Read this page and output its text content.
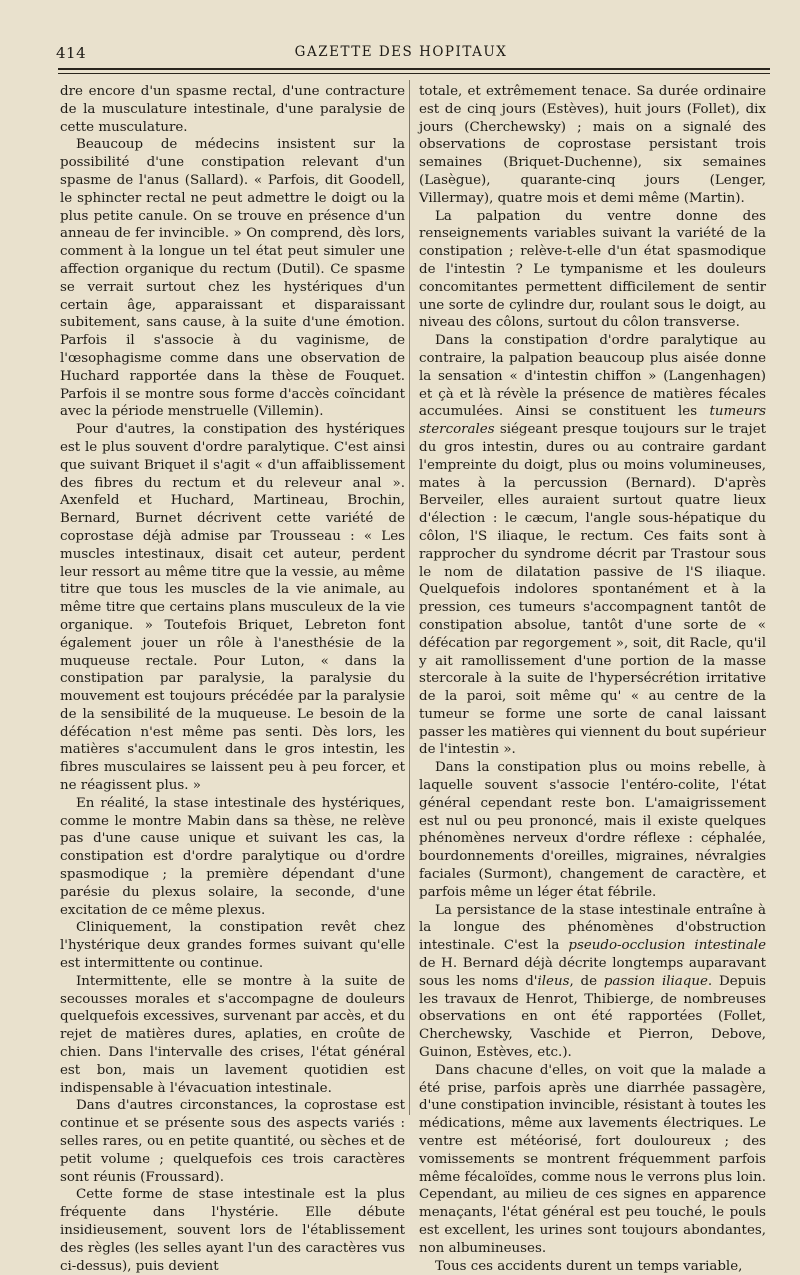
414	GAZETTE DES HOPITAUX

dre encore d'un spasme rectal, d'une contracture de la musculature intestinale, d'une paralysie de cette musculature.

Beaucoup de médecins insistent sur la possibilité d'une constipation relevant d'un spasme de l'anus (Sallard). « Parfois, dit Goodell, le sphincter rectal ne peut admettre le doigt ou la plus petite canule. On se trouve en présence d'un anneau de fer invincible. » On comprend, dès lors, comment à la longue un tel état peut simuler une affection organique du rectum (Dutil). Ce spasme se verrait surtout chez les hystériques d'un certain âge, apparaissant et disparaissant subitement, sans cause, à la suite d'une émotion. Parfois il s'associe à du vaginisme, de l'œsophagisme comme dans une observation de Huchard rapportée dans la thèse de Fouquet. Parfois il se montre sous forme d'accès coïncidant avec la période menstruelle (Villemin).

Pour d'autres, la constipation des hystériques est le plus souvent d'ordre paralytique. C'est ainsi que suivant Briquet il s'agit « d'un affaiblissement des fibres du rectum et du releveur anal ». Axenfeld et Huchard, Martineau, Brochin, Bernard, Burnet décrivent cette variété de coprostase déjà admise par Trousseau : « Les muscles intestinaux, disait cet auteur, perdent leur ressort au même titre que la vessie, au même titre que tous les muscles de la vie animale, au même titre que certains plans musculeux de la vie organique. » Toutefois Briquet, Lebreton font également jouer un rôle à l'anesthésie de la muqueuse rectale. Pour Luton, « dans la constipation par paralysie, la paralysie du mouvement est toujours précédée par la paralysie de la sensibilité de la muqueuse. Le besoin de la défécation n'est même pas senti. Dès lors, les matières s'accumulent dans le gros intestin, les fibres musculaires se laissent peu à peu forcer, et ne réagissent plus. »

En réalité, la stase intestinale des hystériques, comme le montre Mabin dans sa thèse, ne relève pas d'une cause unique et suivant les cas, la constipation est d'ordre paralytique ou d'ordre spasmodique ; la première dépendant d'une parésie du plexus solaire, la seconde, d'une excitation de ce même plexus.

Cliniquement, la constipation revêt chez l'hystérique deux grandes formes suivant qu'elle est intermittente ou continue.

Intermittente, elle se montre à la suite de secousses morales et s'accompagne de douleurs quelquefois excessives, survenant par accès, et du rejet de matières dures, aplaties, en croûte de chien. Dans l'intervalle des crises, l'état général est bon, mais un lavement quotidien est indispensable à l'évacuation intestinale.

Dans d'autres circonstances, la coprostase est continue et se présente sous des aspects variés : selles rares, ou en petite quantité, ou sèches et de petit volume ; quelquefois ces trois caractères sont réunis (Froussard).

Cette forme de stase intestinale est la plus fréquente dans l'hystérie. Elle débute insidieusement, souvent lors de l'établissement des règles (les selles ayant l'un des caractères vus ci-dessus), puis devient

totale, et extrêmement tenace. Sa durée ordinaire est de cinq jours (Estèves), huit jours (Follet), dix jours (Cherchewsky) ; mais on a signalé des observations de coprostase persistant trois semaines (Briquet-Duchenne), six semaines (Lasègue), quarante-cinq jours (Lenger, Villermay), quatre mois et demi même (Martin).

La palpation du ventre donne des renseignements variables suivant la variété de la constipation ; relève-t-elle d'un état spasmodique de l'intestin ? Le tympanisme et les douleurs concomitantes permettent difficilement de sentir une sorte de cylindre dur, roulant sous le doigt, au niveau des côlons, surtout du côlon transverse.

Dans la constipation d'ordre paralytique au contraire, la palpation beaucoup plus aisée donne la sensation « d'intestin chiffon » (Langenhagen) et çà et là révèle la présence de matières fécales accumulées. Ainsi se constituent les tumeurs stercorales siégeant presque toujours sur le trajet du gros intestin, dures ou au contraire gardant l'empreinte du doigt, plus ou moins volumineuses, mates à la percussion (Bernard). D'après Berveiler, elles auraient surtout quatre lieux d'élection : le cæcum, l'angle sous-hépatique du côlon, l'S iliaque, le rectum. Ces faits sont à rapprocher du syndrome décrit par Trastour sous le nom de dilatation passive de l'S iliaque. Quelquefois indolores spontanément et à la pression, ces tumeurs s'accompagnent tantôt de constipation absolue, tantôt d'une sorte de « défécation par regorgement », soit, dit Racle, qu'il y ait ramollissement d'une portion de la masse stercorale à la suite de l'hypersécrétion irritative de la paroi, soit même qu' « au centre de la tumeur se forme une sorte de canal laissant passer les matières qui viennent du bout supérieur de l'intestin ».

Dans la constipation plus ou moins rebelle, à laquelle souvent s'associe l'entéro-colite, l'état général cependant reste bon. L'amaigrissement est nul ou peu prononcé, mais il existe quelques phénomènes nerveux d'ordre réflexe : céphalée, bourdonnements d'oreilles, migraines, névralgies faciales (Surmont), changement de caractère, et parfois même un léger état fébrile.

La persistance de la stase intestinale entraîne à la longue des phénomènes d'obstruction intestinale. C'est la pseudo-occlusion intestinale de H. Bernard déjà décrite longtemps auparavant sous les noms d'ileus, de passion iliaque. Depuis les travaux de Henrot, Thibierge, de nombreuses observations en ont été rapportées (Follet, Cherchewsky, Vaschide et Pierron, Debove, Guinon, Estèves, etc.).

Dans chacune d'elles, on voit que la malade a été prise, parfois après une diarrhée passagère, d'une constipation invincible, résistant à toutes les médications, même aux lavements électriques. Le ventre est météorisé, fort douloureux ; des vomissements se montrent fréquemment parfois même fécaloïdes, comme nous le verrons plus loin. Cependant, au milieu de ces signes en apparence menaçants, l'état général est peu touché, le pouls est excellent, les urines sont toujours abondantes, non albumineuses.

Tous ces accidents durent un temps variable,
